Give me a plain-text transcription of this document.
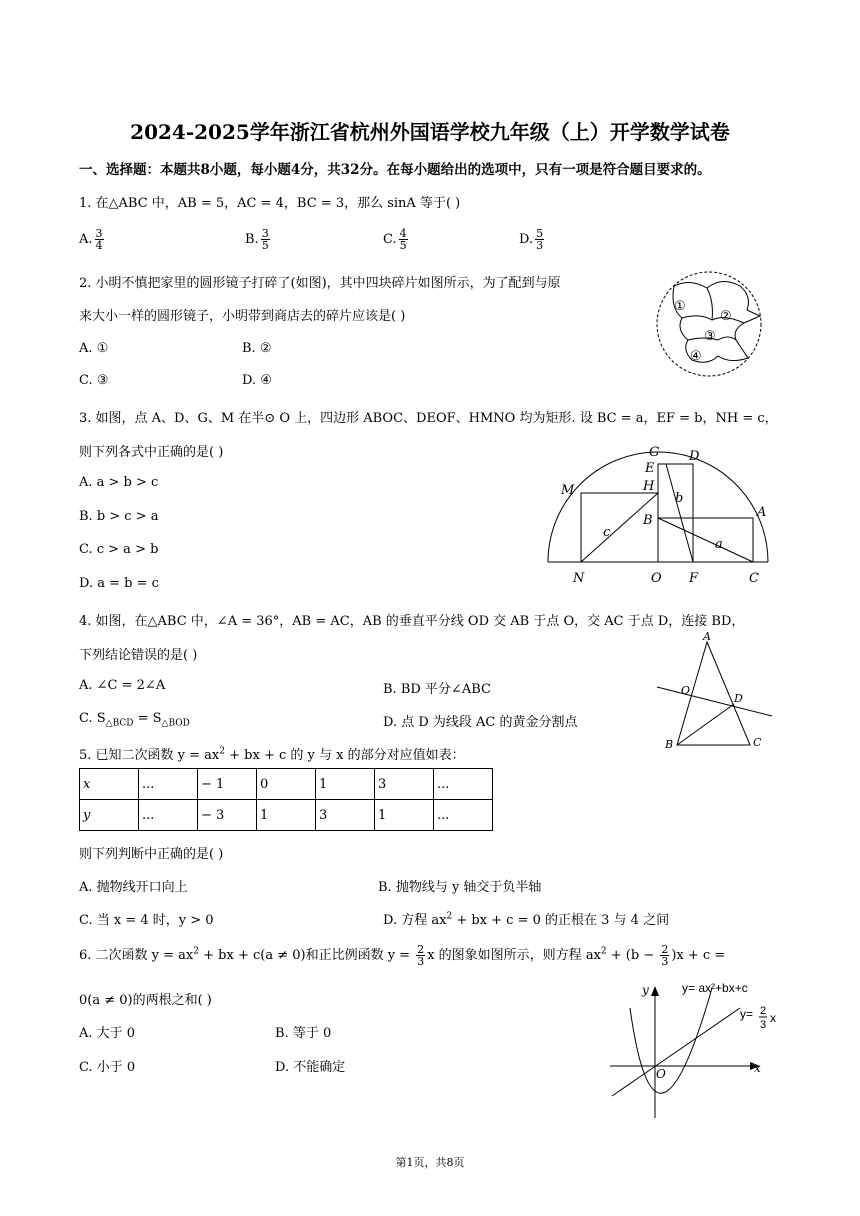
2024-2025学年浙江省杭州外国语学校九年级（上）开学数学试卷
一、选择题：本题共8小题，每小题4分，共32分。在每小题给出的选项中，只有一项是符合题目要求的。
1. 在△ABC 中，AB = 5，AC = 4，BC = 3，那么 sinA 等于( )
A. $\frac{3}{4}$	B. $\frac{3}{5}$	C. $\frac{4}{5}$	D. $\frac{5}{3}$
2. 小明不慎把家里的圆形镜子打碎了(如图)，其中四块碎片如图所示，为了配到与原
来大小一样的圆形镜子，小明带到商店去的碎片应该是( )
A. ①	B. ②
C. ③	D. ④
①
②
③
④
3. 如图，点 A、D、G、M 在半⊙ O 上，四边形 ABOC、DEOF、HMNO 均为矩形. 设 BC = a，EF = b，NH = c，
则下列各式中正确的是( )
A. a > b > c
B. b > c > a
C. c > a > b
D. a = b = c
G D
E
H
M
B
A
N	O F	C
a
b
c
4. 如图，在△ABC 中，∠A = 36°，AB = AC，AB 的垂直平分线 OD 交 AB 于点 O，交 AC 于点 D，连接 BD，
下列结论错误的是( )
A. ∠C = 2∠A	B. BD 平分∠ABC
C. $S_{\triangle BCD} = S_{\triangle BOD}$	D. 点 D 为线段 AC 的黄金分割点
A
O
D
B	C
5. 已知二次函数 $y = ax^2$ + bx + c 的 y 与 x 的部分对应值如表：
x	...	− 1	0	1	3	...
y	...	− 3	1	3	1	...
则下列判断中正确的是( )
A. 抛物线开口向上	B. 抛物线与 y 轴交于负半轴
C. 当 x = 4 时，y > 0	D. 方程 $ax^2$ + bx + c = 0 的正根在 3 与 4 之间
6. 二次函数 $y = ax^2$ + bx + c(a ≠ 0)和正比例函数 $y = \frac{2}{3}$ x 的图象如图所示，则方程 $ax^2 + (b - \frac{2}{3} )x + c$ =
0(a ≠ 0)的两根之和( )
A. 大于 0	B. 等于 0
C. 小于 0	D. 不能确定
y
x
O
y= ax²+bx+c
y= 2
3 x
第1页，共8页
